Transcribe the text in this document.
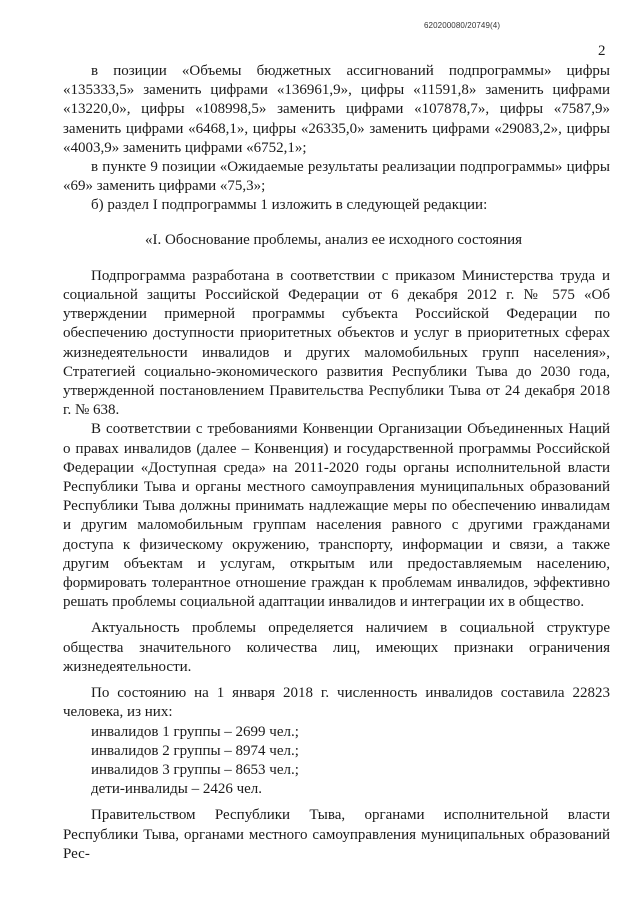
620200080/20749(4)
2

в позиции «Объемы бюджетных ассигнований подпрограммы» цифры «135333,5» заменить цифрами «136961,9», цифры «11591,8» заменить цифрами «13220,0», цифры «108998,5» заменить цифрами «107878,7», цифры «7587,9» заменить цифрами «6468,1», цифры «26335,0» заменить цифрами «29083,2», цифры «4003,9» заменить цифрами «6752,1»;

в пункте 9 позиции «Ожидаемые результаты реализации подпрограммы» цифры «69» заменить цифрами «75,3»;

б) раздел I подпрограммы 1 изложить в следующей редакции:

«I. Обоснование проблемы, анализ ее исходного состояния

Подпрограмма разработана в соответствии с приказом Министерства труда и социальной защиты Российской Федерации от 6 декабря 2012 г. № 575 «Об утверждении примерной программы субъекта Российской Федерации по обеспечению доступности приоритетных объектов и услуг в приоритетных сферах жизнедеятельности инвалидов и других маломобильных групп населения», Стратегией социально-экономического развития Республики Тыва до 2030 года, утвержденной постановлением Правительства Республики Тыва от 24 декабря 2018 г. № 638.

В соответствии с требованиями Конвенции Организации Объединенных Наций о правах инвалидов (далее – Конвенция) и государственной программы Российской Федерации «Доступная среда» на 2011-2020 годы органы исполнительной власти Республики Тыва и органы местного самоуправления муниципальных образований Республики Тыва должны принимать надлежащие меры по обеспечению инвалидам и другим маломобильным группам населения равного с другими гражданами доступа к физическому окружению, транспорту, информации и связи, а также другим объектам и услугам, открытым или предоставляемым населению, формировать толерантное отношение граждан к проблемам инвалидов, эффективно решать проблемы социальной адаптации инвалидов и интеграции их в общество.

Актуальность проблемы определяется наличием в социальной структуре общества значительного количества лиц, имеющих признаки ограничения жизнедеятельности.

По состоянию на 1 января 2018 г. численность инвалидов составила 22823 человека, из них:

инвалидов 1 группы – 2699 чел.;

инвалидов 2 группы – 8974 чел.;

инвалидов 3 группы – 8653 чел.;

дети-инвалиды – 2426 чел.

Правительством Республики Тыва, органами исполнительной власти Республики Тыва, органами местного самоуправления муниципальных образований Рес-
